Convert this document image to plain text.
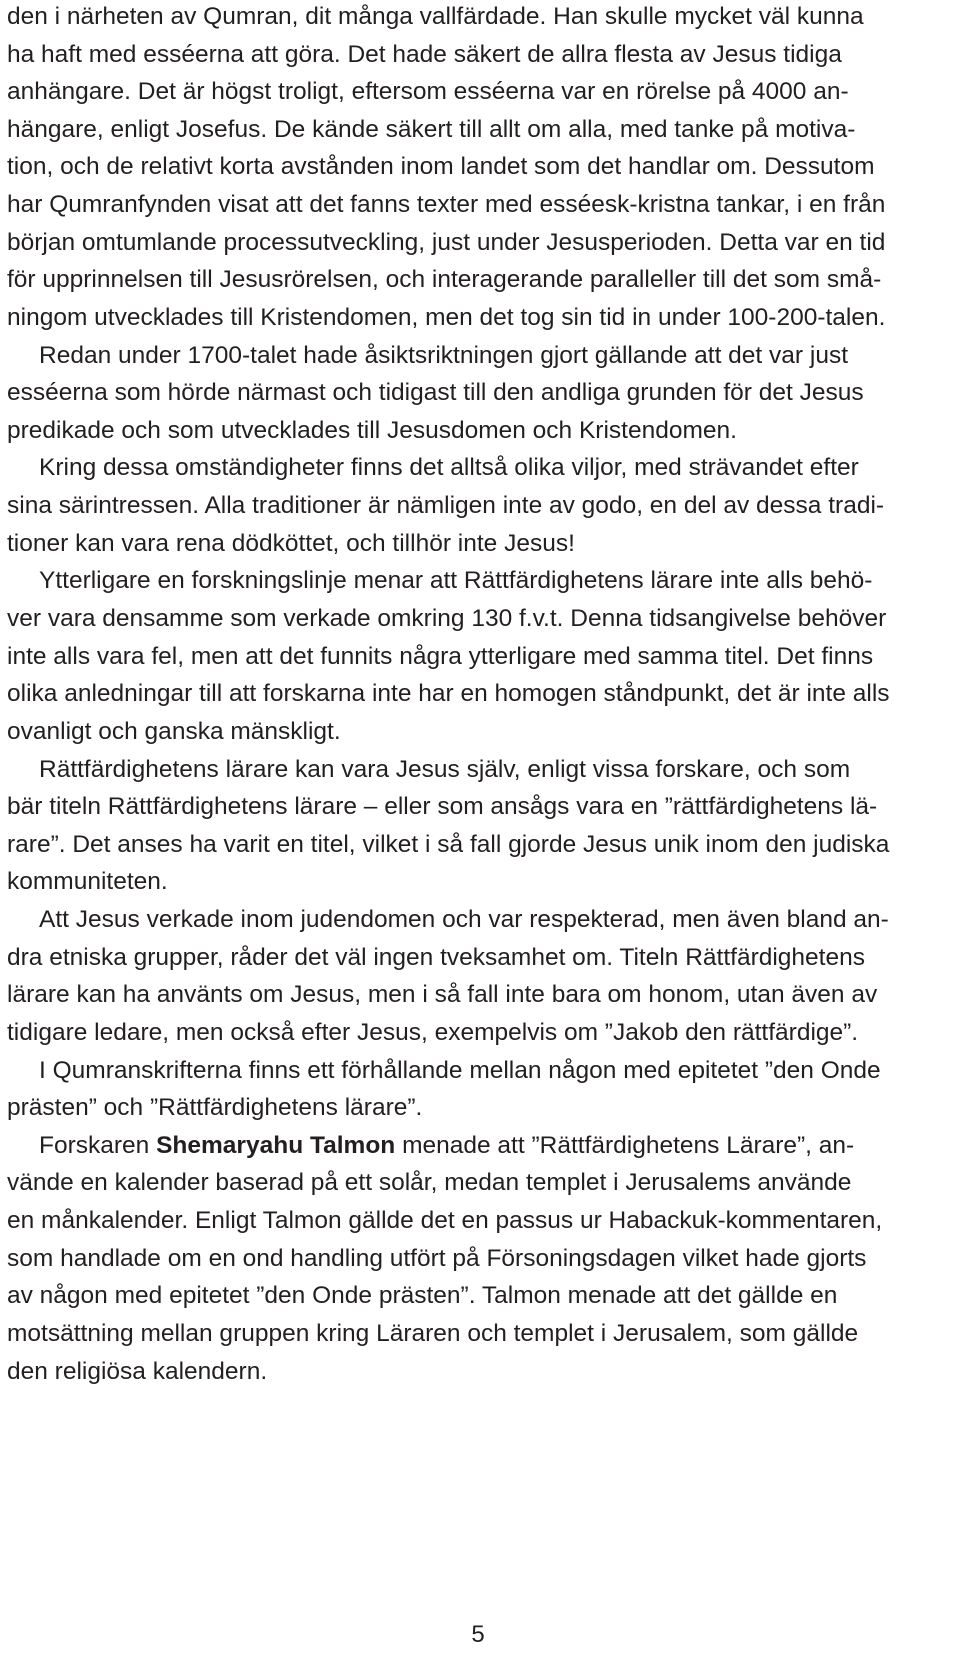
den i närheten av Qumran, dit många vallfärdade. Han skulle mycket väl kunna
ha haft med esséerna att göra. Det hade säkert de allra flesta av Jesus tidiga
anhängare. Det är högst troligt, eftersom esséerna var en rörelse på 4000 an-
hängare, enligt Josefus. De kände säkert till allt om alla, med tanke på motiva-
tion, och de relativt korta avstånden inom landet som det handlar om. Dessutom
har Qumranfynden visat att det fanns texter med esséesk-kristna tankar, i en från
början omtumlande processutveckling, just under Jesusperioden. Detta var en tid
för upprinnelsen till Jesusrörelsen, och interagerande paralleller till det som små-
ningom utvecklades till Kristendomen, men det tog sin tid in under 100-200-talen.
Redan under 1700-talet hade åsiktsriktningen gjort gällande att det var just
esséerna som hörde närmast och tidigast till den andliga grunden för det Jesus
predikade och som utvecklades till Jesusdomen och Kristendomen.
Kring dessa omständigheter finns det alltså olika viljor, med strävandet efter
sina särintressen. Alla traditioner är nämligen inte av godo, en del av dessa tradi-
tioner kan vara rena dödköttet, och tillhör inte Jesus!
Ytterligare en forskningslinje menar att Rättfärdighetens lärare inte alls behö-
ver vara densamme som verkade omkring 130 f.v.t. Denna tidsangivelse behöver
inte alls vara fel, men att det funnits några ytterligare med samma titel. Det finns
olika anledningar till att forskarna inte har en homogen ståndpunkt, det är inte alls
ovanligt och ganska mänskligt.
Rättfärdighetens lärare kan vara Jesus själv, enligt vissa forskare, och som
bär titeln Rättfärdighetens lärare – eller som ansågs vara en ”rättfärdighetens lä-
rare”. Det anses ha varit en titel, vilket i så fall gjorde Jesus unik inom den judiska
kommuniteten.
Att Jesus verkade inom judendomen och var respekterad, men även bland an-
dra etniska grupper, råder det väl ingen tveksamhet om. Titeln Rättfärdighetens
lärare kan ha använts om Jesus, men i så fall inte bara om honom, utan även av
tidigare ledare, men också efter Jesus, exempelvis om ”Jakob den rättfärdige”.
I Qumranskrifterna finns ett förhållande mellan någon med epitetet ”den Onde
prästen” och ”Rättfärdighetens lärare”.
Forskaren Shemaryahu Talmon menade att ”Rättfärdighetens Lärare”, an-
vände en kalender baserad på ett solår, medan templet i Jerusalems använde
en månkalender. Enligt Talmon gällde det en passus ur Habackuk-kommentaren,
som handlade om en ond handling utfört på Försoningsdagen vilket hade gjorts
av någon med epitetet ”den Onde prästen”. Talmon menade att det gällde en
motsättning mellan gruppen kring Läraren och templet i Jerusalem, som gällde
den religiösa kalendern.
5
